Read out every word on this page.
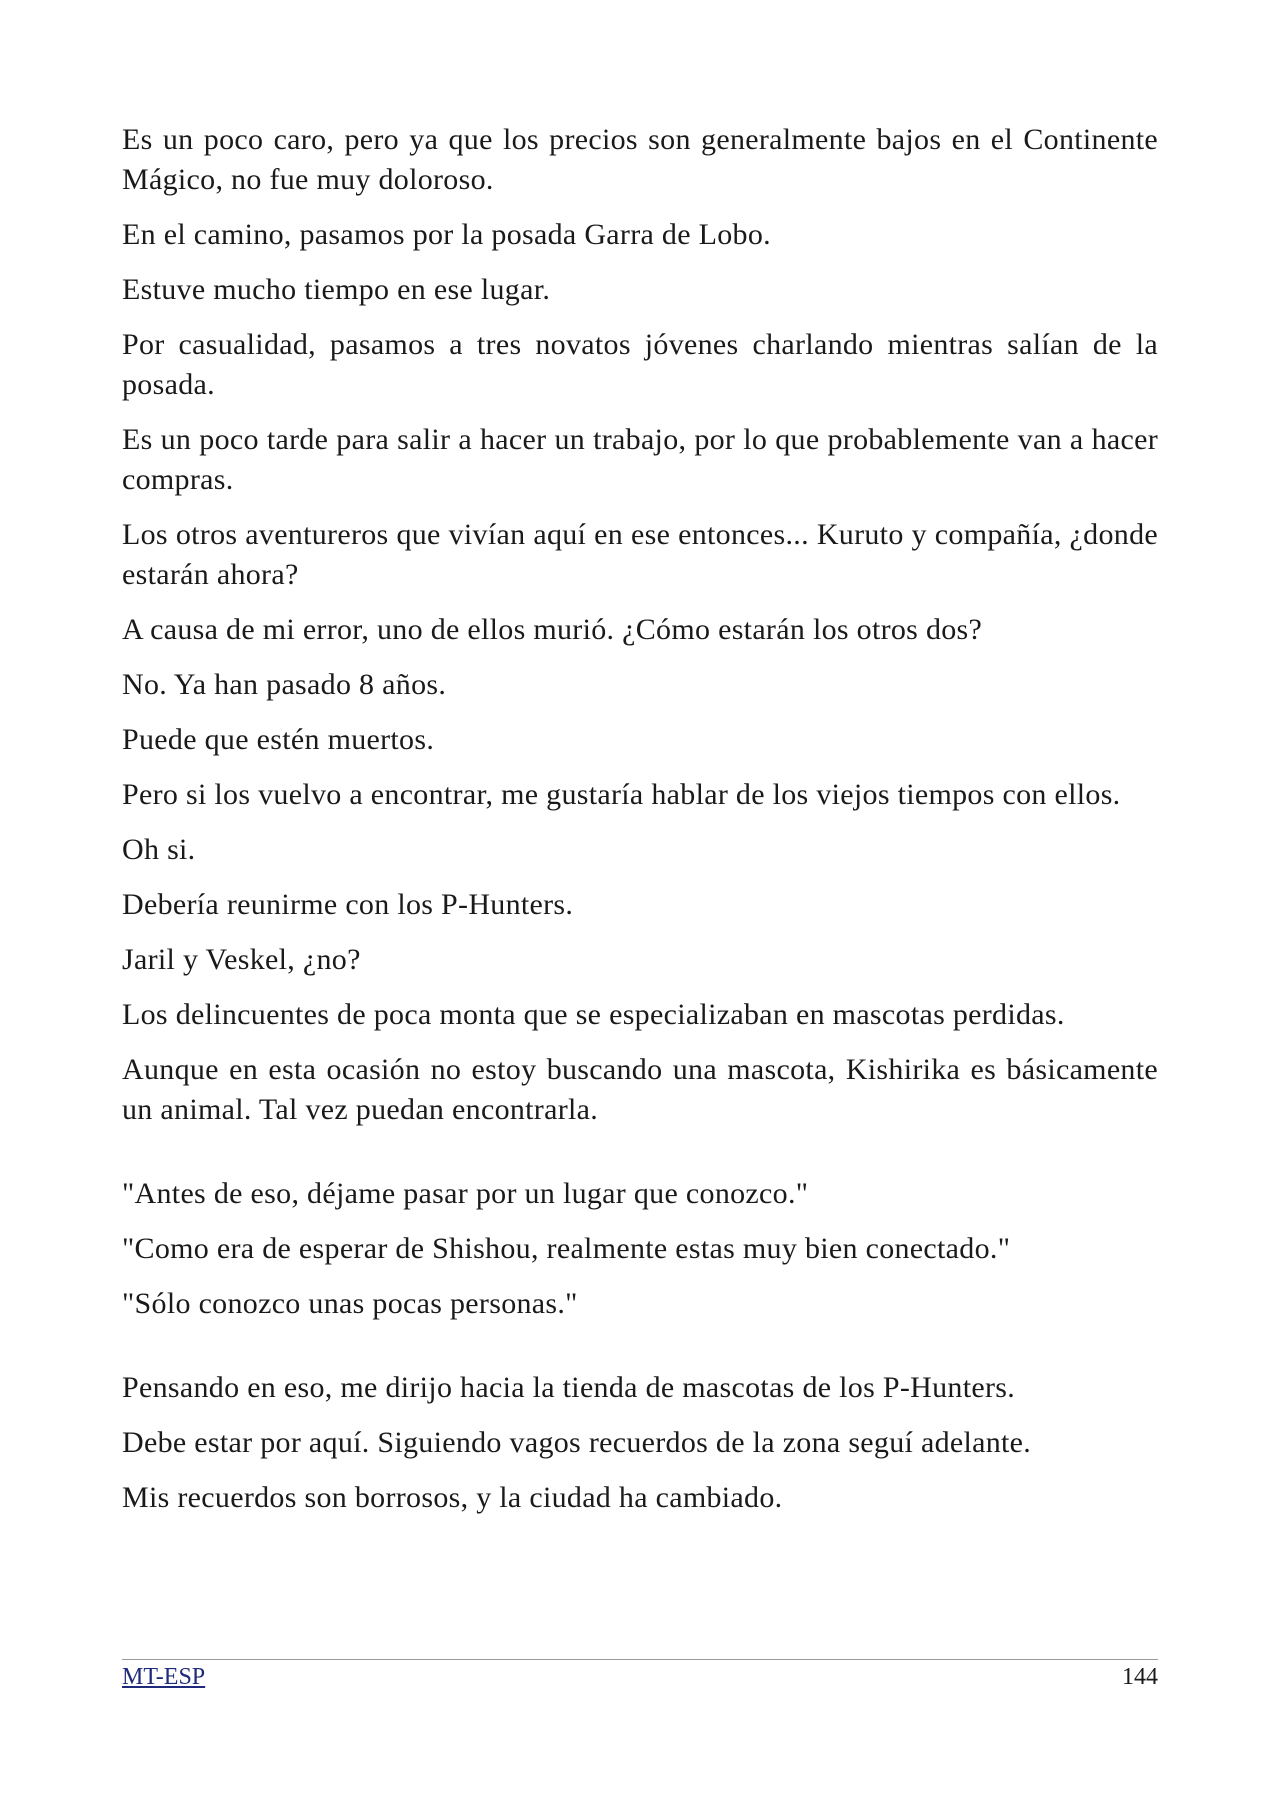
Es un poco caro, pero ya que los precios son generalmente bajos en el Continente Mágico, no fue muy doloroso.

En el camino, pasamos por la posada Garra de Lobo.

Estuve mucho tiempo en ese lugar.

Por casualidad, pasamos a tres novatos jóvenes charlando mientras salían de la posada.

Es un poco tarde para salir a hacer un trabajo, por lo que probablemente van a hacer compras.

Los otros aventureros que vivían aquí en ese entonces... Kuruto y compañía, ¿donde estarán ahora?

A causa de mi error, uno de ellos murió. ¿Cómo estarán los otros dos?

No. Ya han pasado 8 años.

Puede que estén muertos.

Pero si los vuelvo a encontrar, me gustaría hablar de los viejos tiempos con ellos.

Oh si.

Debería reunirme con los P-Hunters.

Jaril y Veskel, ¿no?

Los delincuentes de poca monta que se especializaban en mascotas perdidas.

Aunque en esta ocasión no estoy buscando una mascota, Kishirika es básicamente un animal. Tal vez puedan encontrarla.

"Antes de eso, déjame pasar por un lugar que conozco."

"Como era de esperar de Shishou, realmente estas muy bien conectado."

"Sólo conozco unas pocas personas."

Pensando en eso, me dirijo hacia la tienda de mascotas de los P-Hunters.

Debe estar por aquí. Siguiendo vagos recuerdos de la zona seguí adelante.

Mis recuerdos son borrosos, y la ciudad ha cambiado.

MT-ESP	144
